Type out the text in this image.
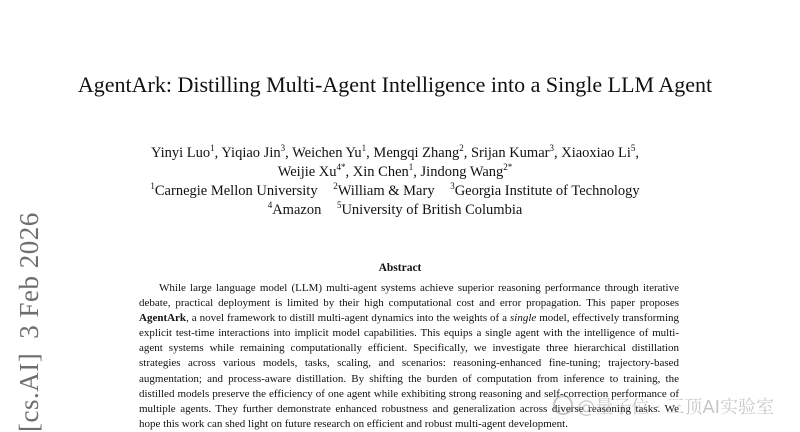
[cs.AI]3 Feb 2026
AgentArk: Distilling Multi-Agent Intelligence into a Single LLM Agent
Yinyi Luo$^1$, Yiqiao Jin$^3$, Weichen Yu$^1$, Mengqi Zhang$^2$, Srijan Kumar$^3$, Xiaoxiao Li$^5$,
Weijie $Xu^{4*}$, Xin Chen$^1$, Jindong Wang$^{2*}$
$^1$Carnegie Mellon University $^2$William & Mary $^3$Georgia Institute of Technology
$^4$Amazon $^5$University of British Columbia
Abstract
While large language model (LLM) multi-agent systems achieve superior reasoning performance through iterative debate, practical deployment is limited by their high computational cost and error propagation. This paper proposes AgentArk, a novel framework to distill multi-agent dynamics into the weights of a single model, effectively transforming explicit test-time interactions into implicit model capabilities. This equips a single agent with the intelligence of multi-agent systems while remaining computationally efficient. Specifically, we investigate three hierarchical distillation strategies across various models, tasks, scaling, and scenarios: reasoning-enhanced fine-tuning; trajectory-based augmentation; and process-aware distillation. By shifting the burden of computation from inference to training, the distilled models preserve the efficiency of one agent while exhibiting strong reasoning and self-correction performance of multiple agents. They further demonstrate enhanced robustness and generalization across diverse reasoning tasks. We hope this work can shed light on future research on efficient and robust multi-agent development.
@量子位 · 三顶AI实验室
